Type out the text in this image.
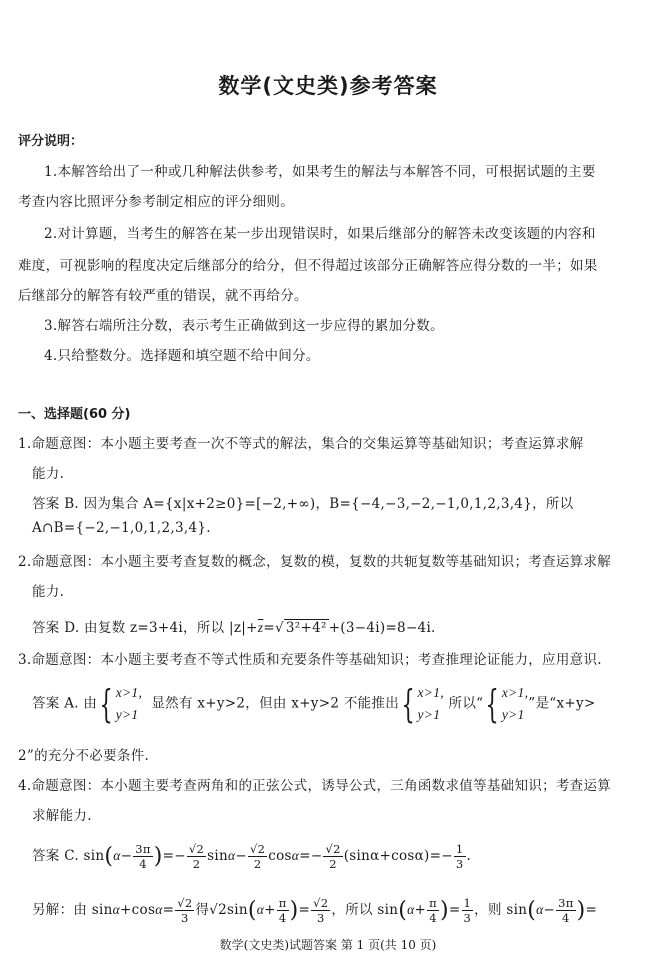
数学(文史类)参考答案
评分说明：
1.本解答给出了一种或几种解法供参考，如果考生的解法与本解答不同，可根据试题的主要
考查内容比照评分参考制定相应的评分细则。
2.对计算题，当考生的解答在某一步出现错误时，如果后继部分的解答未改变该题的内容和
难度，可视影响的程度决定后继部分的给分，但不得超过该部分正确解答应得分数的一半；如果
后继部分的解答有较严重的错误，就不再给分。
3.解答右端所注分数，表示考生正确做到这一步应得的累加分数。
4.只给整数分。选择题和填空题不给中间分。
一、选择题(60 分)
1.命题意图：本小题主要考查一次不等式的解法，集合的交集运算等基础知识；考查运算求解
能力.
答案 B. 因为集合 A={x|x+2≥0}=[−2,+∞)，B={−4,−3,−2,−1,0,1,2,3,4}，所以
A∩B={−2,−1,0,1,2,3,4}.
2.命题意图：本小题主要考查复数的概念，复数的模，复数的共轭复数等基础知识；考查运算求解
能力.
答案 D. 由复数 z=3+4i，所以 $|z|+\overline{z}=√$ 3²+4² +(3−4i)=8−4i.
3.命题意图：本小题主要考查不等式性质和充要条件等基础知识；考查推理论证能力，应用意识.
答案 A. 由{ x>1,
y>1  显然有 x+y>2，但由 x+y>2 不能推出{ x>1,
y>1 所以“{ x>1,
y>1”是“x+y>
2”的充分不必要条件.
4.命题意图：本小题主要考查两角和的正弦公式，诱导公式，三角函数求值等基础知识；考查运算
求解能力.
答案 C. $\sin(\alpha- \frac{3\pi}{4}$ )=− $\frac{√2}{2} \sin\alpha- \frac{√2}{2} \cos\alpha=- \frac{√2}{2} (\sin\alpha+\cos\alpha)=- \frac{1}{3}$ .
另解：由 $\sin\alpha+\cos\alpha= \frac{√2}{3}$ 得$√2\sin(\alpha+ \frac{\pi}{4}$ )= $\frac{√2}{3}$ ，所以 $\sin(\alpha+ \frac{\pi}{4}$ )= $\frac{1}{3}$ ，则 $\sin(\alpha- \frac{3\pi}{4}$ )=
数学(文史类)试题答案 第 1 页(共 10 页)
